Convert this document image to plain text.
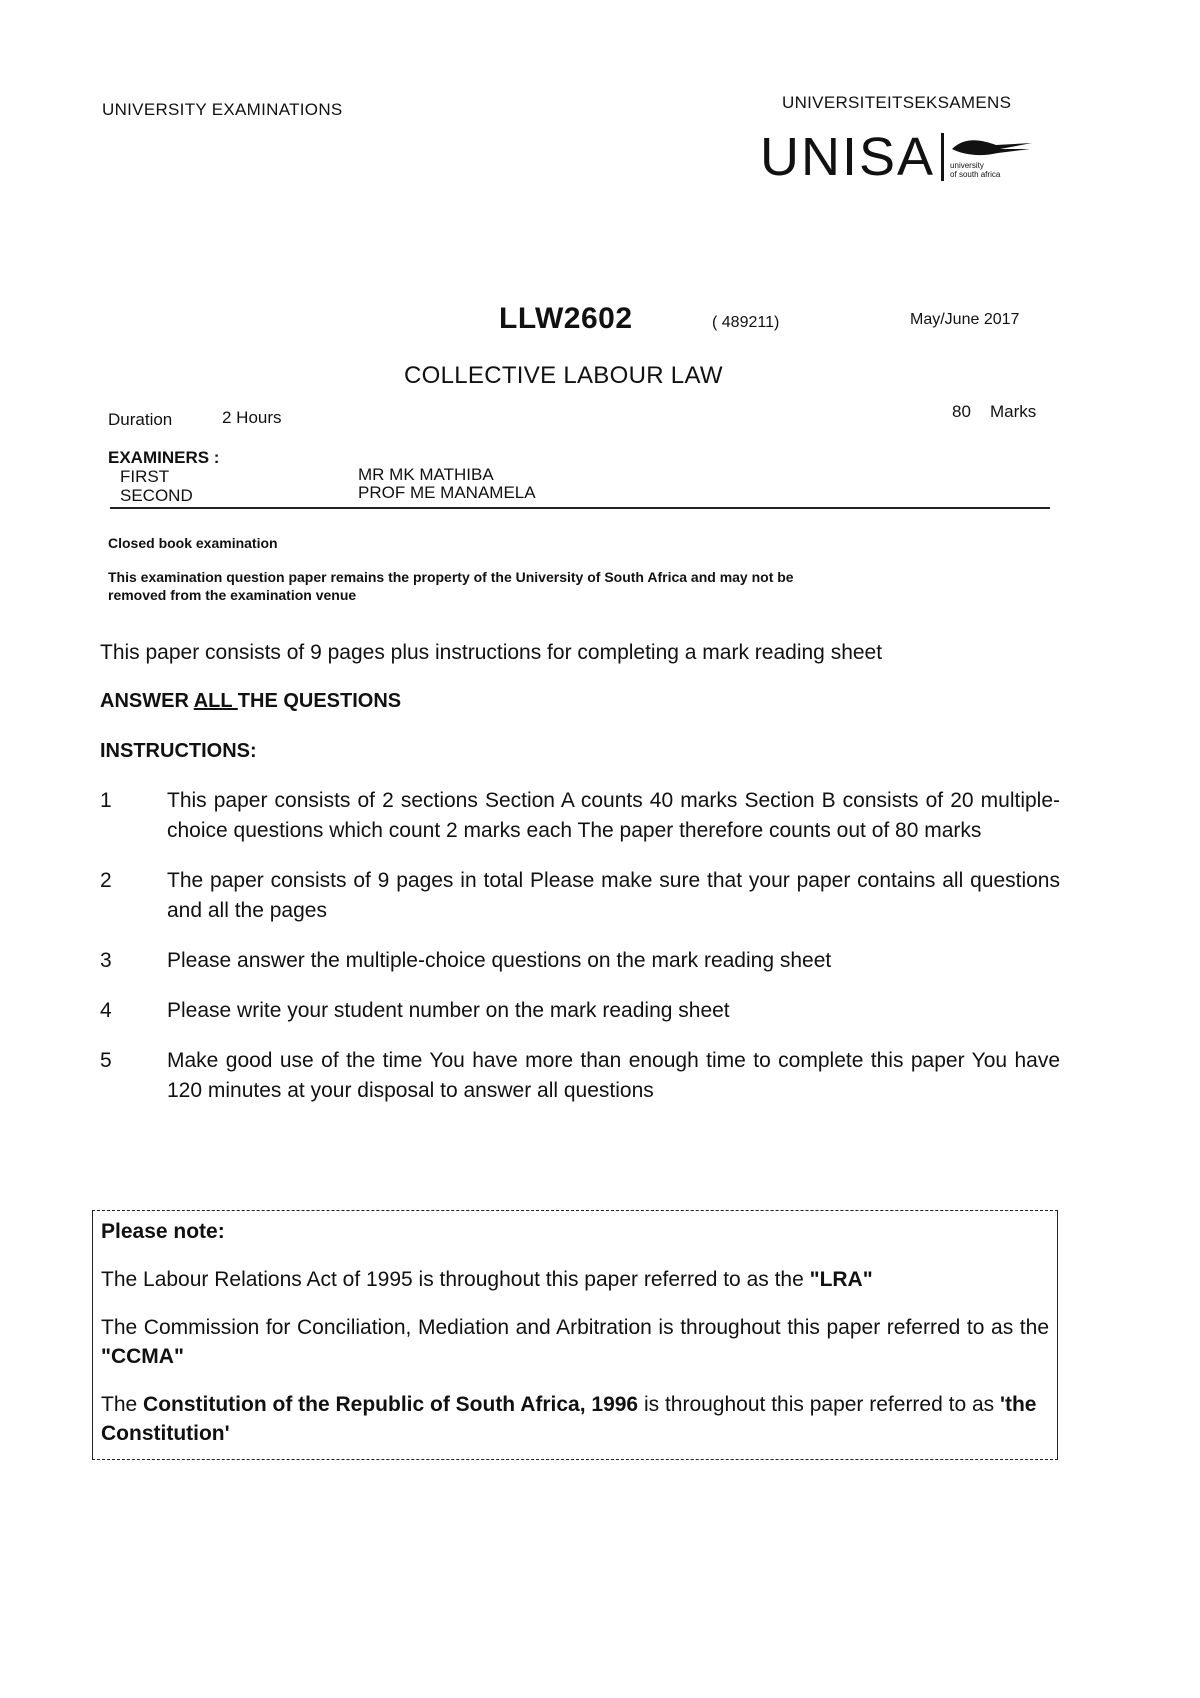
UNIVERSITY EXAMINATIONS	UNIVERSITEITSEKSAMENS
UNISA university
of south africa
LLW2602	( 489211)	May/June 2017
COLLECTIVE LABOUR LAW
Duration	2 Hours	80 Marks
EXAMINERS :
FIRST	MR MK MATHIBA
SECOND	PROF ME MANAMELA
Closed book examination
This examination question paper remains the property of the University of South Africa and may not be
removed from the examination venue
This paper consists of 9 pages plus instructions for completing a mark reading sheet
ANSWER ALL THE QUESTIONS
INSTRUCTIONS:
1	This paper consists of 2 sections Section A counts 40 marks Section B consists of 20 multiple-choice questions which count 2 marks each The paper therefore counts out of 80 marks
2	The paper consists of 9 pages in total Please make sure that your paper contains all questions and all the pages
3	Please answer the multiple-choice questions on the mark reading sheet
4	Please write your student number on the mark reading sheet
5	Make good use of the time You have more than enough time to complete this paper You have 120 minutes at your disposal to answer all questions
Please note:
The Labour Relations Act of 1995 is throughout this paper referred to as the "LRA"
The Commission for Conciliation, Mediation and Arbitration is throughout this paper referred to as the "CCMA"
The Constitution of the Republic of South Africa, 1996 is throughout this paper referred to as 'the Constitution'
